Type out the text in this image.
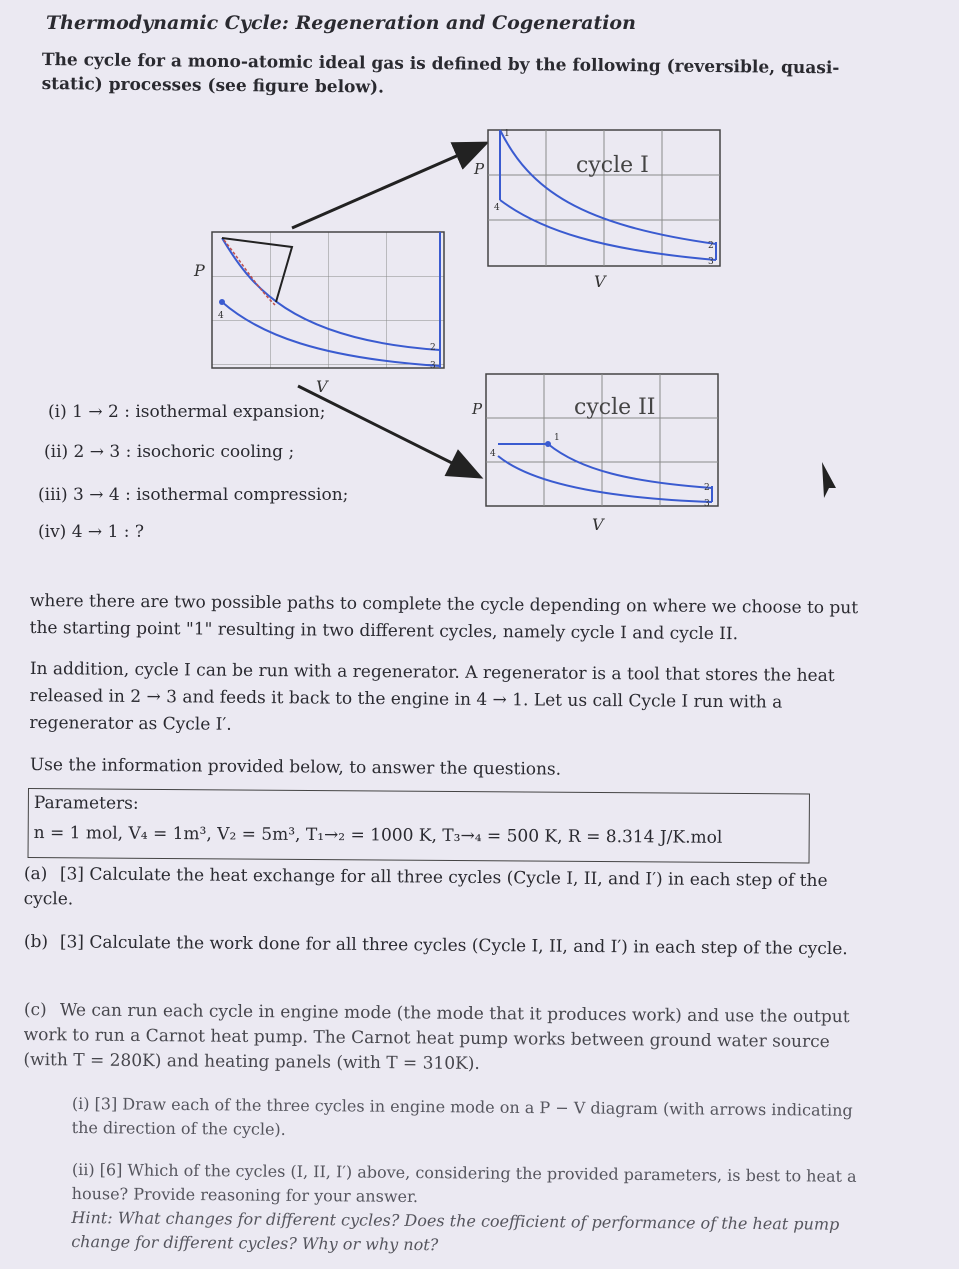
Thermodynamic Cycle: Regeneration and Cogeneration
The cycle for a mono-atomic ideal gas is defined by the following (reversible, quasi-static) processes (see figure below).
P
V
4
2
3
cycle I
P
V
1
4
2
3
cycle II
P
V
1
4
2
3
(i) 1 → 2 : isothermal expansion;
(ii) 2 → 3 : isochoric cooling ;
(iii) 3 → 4 : isothermal compression;
(iv) 4 → 1 : ?
where there are two possible paths to complete the cycle depending on where we choose to put the starting point "1" resulting in two different cycles, namely cycle I and cycle II.
In addition, cycle I can be run with a regenerator. A regenerator is a tool that stores the heat released in 2 → 3 and feeds it back to the engine in 4 → 1. Let us call Cycle I run with a regenerator as Cycle I′.
Use the information provided below, to answer the questions.
Parameters:
n = 1 mol, V₄ = 1m³, V₂ = 5m³, T₁→₂ = 1000 K, T₃→₄ = 500 K, R = 8.314 J/K.mol
(a) [3] Calculate the heat exchange for all three cycles (Cycle I, II, and I′) in each step of the cycle.
(b) [3] Calculate the work done for all three cycles (Cycle I, II, and I′) in each step of the cycle.
(c) We can run each cycle in engine mode (the mode that it produces work) and use the output work to run a Carnot heat pump. The Carnot heat pump works between ground water source (with T = 280K) and heating panels (with T = 310K).
(i) [3] Draw each of the three cycles in engine mode on a P − V diagram (with arrows indicating the direction of the cycle).
(ii) [6] Which of the cycles (I, II, I′) above, considering the provided parameters, is best to heat a house? Provide reasoning for your answer.
Hint: What changes for different cycles? Does the coefficient of performance of the heat pump change for different cycles? Why or why not?
